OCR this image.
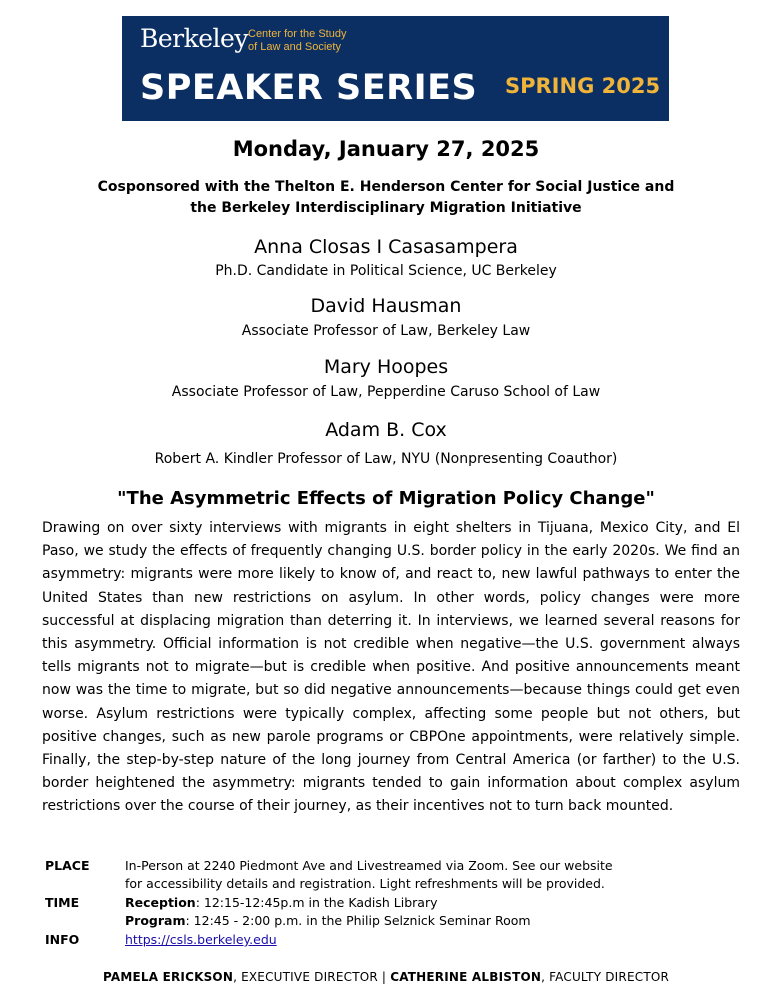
Berkeley Center for the Study
of Law and Society
SPEAKER SERIES SPRING 2025
Monday, January 27, 2025
Cosponsored with the Thelton E. Henderson Center for Social Justice and
the Berkeley Interdisciplinary Migration Initiative
Anna Closas I Casasampera
Ph.D. Candidate in Political Science, UC Berkeley
David Hausman
Associate Professor of Law, Berkeley Law
Mary Hoopes
Associate Professor of Law, Pepperdine Caruso School of Law
Adam B. Cox
Robert A. Kindler Professor of Law, NYU (Nonpresenting Coauthor)
"The Asymmetric Effects of Migration Policy Change"
Drawing on over sixty interviews with migrants in eight shelters in Tijuana, Mexico City, and El Paso, we study the effects of frequently changing U.S. border policy in the early 2020s. We find an asymmetry: migrants were more likely to know of, and react to, new lawful pathways to enter the United States than new restrictions on asylum. In other words, policy changes were more successful at displacing migration than deterring it. In interviews, we learned several reasons for this asymmetry. Official information is not credible when negative—the U.S. government always tells migrants not to migrate—but is credible when positive. And positive announcements meant now was the time to migrate, but so did negative announcements—because things could get even worse. Asylum restrictions were typically complex, affecting some people but not others, but positive changes, such as new parole programs or CBPOne appointments, were relatively simple. Finally, the step-by-step nature of the long journey from Central America (or farther) to the U.S. border heightened the asymmetry: migrants tended to gain information about complex asylum restrictions over the course of their journey, as their incentives not to turn back mounted.
PLACE	In-Person at 2240 Piedmont Ave and Livestreamed via Zoom. See our website
for accessibility details and registration. Light refreshments will be provided.
TIME	Reception: 12:15-12:45p.m in the Kadish Library
Program: 12:45 - 2:00 p.m. in the Philip Selznick Seminar Room
INFO	https://csls.berkeley.edu
PAMELA ERICKSON, EXECUTIVE DIRECTOR | CATHERINE ALBISTON, FACULTY DIRECTOR
